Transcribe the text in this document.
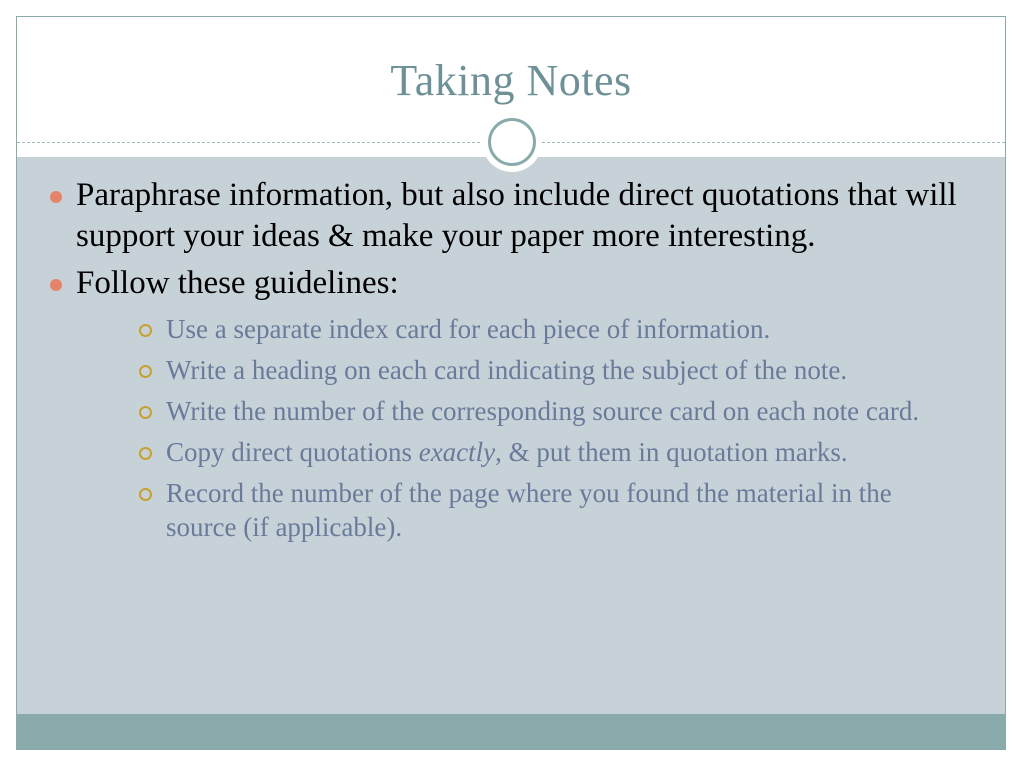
Taking Notes
Paraphrase information, but also include direct quotations that will support your ideas & make your paper more interesting.
Follow these guidelines:
Use a separate index card for each piece of information.
Write a heading on each card indicating the subject of the note.
Write the number of the corresponding source card on each note card.
Copy direct quotations exactly, & put them in quotation marks.
Record the number of the page where you found the material in the source (if applicable).
